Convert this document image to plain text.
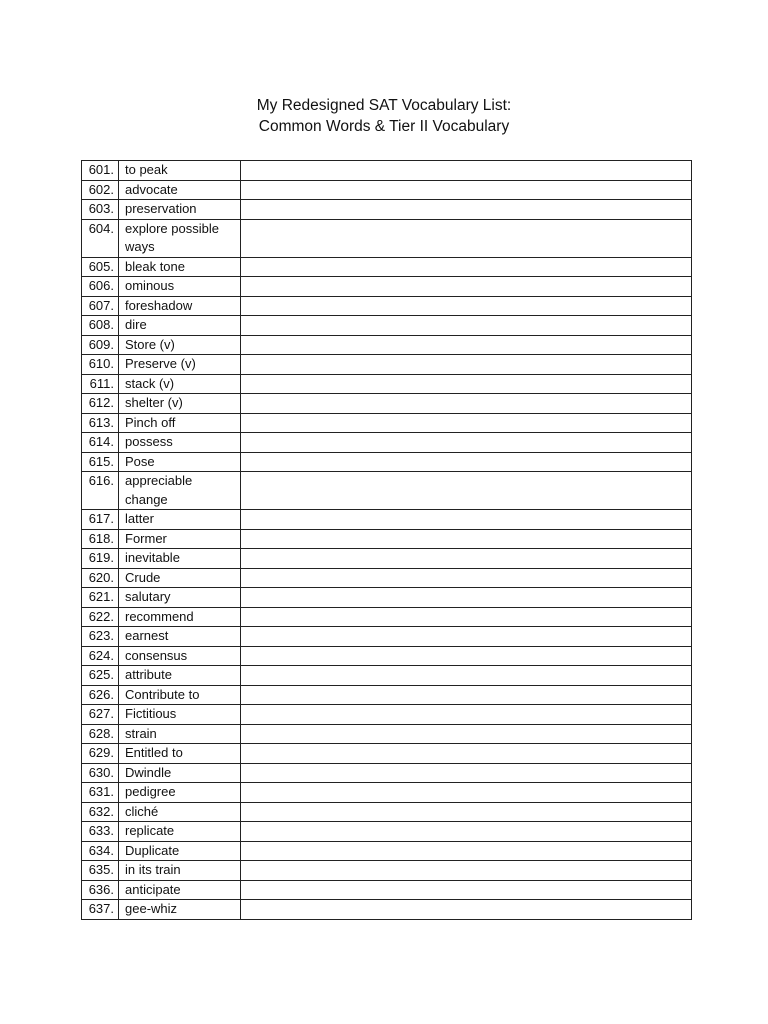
My Redesigned SAT Vocabulary List:
Common Words & Tier II Vocabulary
601.	to peak	
602.	advocate	
603.	preservation	
604.	explore possible ways	
605.	bleak tone	
606.	ominous	
607.	foreshadow	
608.	dire	
609.	Store (v)	
610.	Preserve (v)	
611.	stack (v)	
612.	shelter (v)	
613.	Pinch off	
614.	possess	
615.	Pose	
616.	appreciable change	
617.	latter	
618.	Former	
619.	inevitable	
620.	Crude	
621.	salutary	
622.	recommend	
623.	earnest	
624.	consensus	
625.	attribute	
626.	Contribute to	
627.	Fictitious	
628.	strain	
629.	Entitled to	
630.	Dwindle	
631.	pedigree	
632.	cliché	
633.	replicate	
634.	Duplicate	
635.	in its train	
636.	anticipate	
637.	gee-whiz	
